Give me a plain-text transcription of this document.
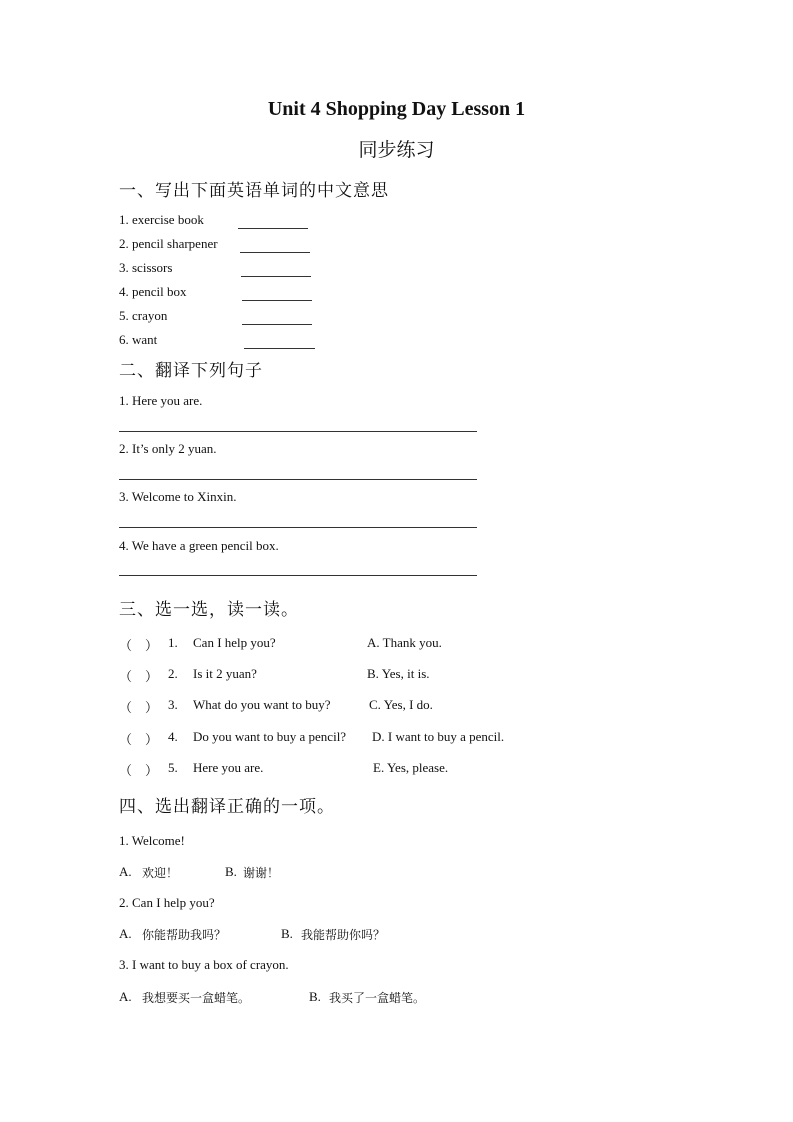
Unit 4 Shopping Day Lesson 1
同步练习
一、写出下面英语单词的中文意思
1. exercise book
2. pencil sharpener
3. scissors
4. pencil box
5. crayon
6. want
二、翻译下列句子
1. Here you are.
2. It’s only 2 yuan.
3. Welcome to Xinxin.
4. We have a green pencil box.
三、选一选，读一读。
（　） 1. Can I help you?	A. Thank you.
（　） 2. Is it 2 yuan?	B. Yes, it is.
（　） 3. What do you want to buy?	C. Yes, I do.
（　） 4. Do you want to buy a pencil? D. I want to buy a pencil.
（　） 5. Here you are.	E. Yes, please.
四、选出翻译正确的一项。
1. Welcome!
A. 欢迎！	B. 谢谢！
2. Can I help you?
A. 你能帮助我吗？	B. 我能帮助你吗？
3. I want to buy a box of crayon.
A. 我想要买一盒蜡笔。	B. 我买了一盒蜡笔。
